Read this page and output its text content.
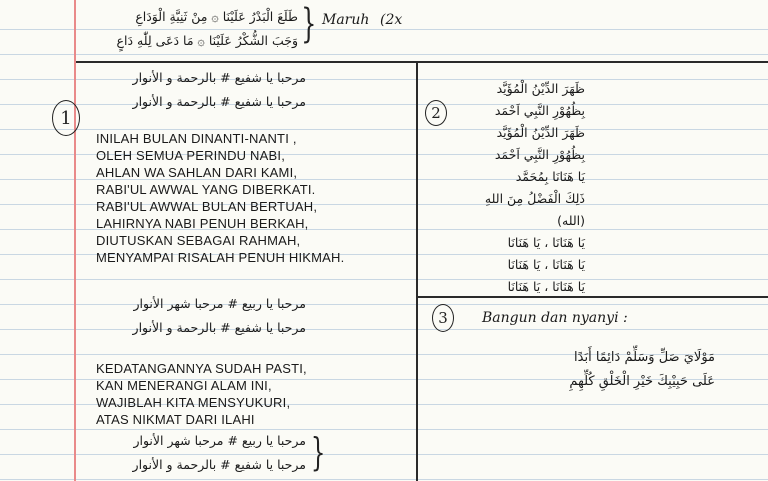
طَلَعَ الْبَدْرُ عَلَيْنَا ۞ مِنْ ثَنِيَّةِ الْوَدَاعِ
وَجَبَ الشُّكْرُ عَلَيْنَا ۞ مَا دَعَى لِلّٰهِ دَاعٍ } Maruh (2x
1
مرحبا يا شفيع # بالرحمة و الأنوار
مرحبا يا شفيع # بالرحمة و الأنوار
INILAH BULAN DINANTI-NANTI ,
OLEH SEMUA PERINDU NABI,
AHLAN WA SAHLAN DARI KAMI,
RABI'UL AWWAL YANG DIBERKATI.
RABI'UL AWWAL BULAN BERTUAH,
LAHIRNYA NABI PENUH BERKAH,
DIUTUSKAN SEBAGAI RAHMAH,
MENYAMPAI RISALAH PENUH HIKMAH.
مرحبا يا ربيع # مرحبا شهر الأنوار
مرحبا يا شفيع # بالرحمة و الأنوار
KEDATANGANNYA SUDAH PASTI,
KAN MENERANGI ALAM INI,
WAJIBLAH KITA MENSYUKURI,
ATAS NIKMAT DARI ILAHI
مرحبا يا ربيع # مرحبا شهر الأنوار
مرحبا يا شفيع # بالرحمة و الأنوار }
2
ظَهَرَ الدِّيْنُ الْمُؤَيَّد
بِظُهُوْرِ النَّبِي اَحْمَد
ظَهَرَ الدِّيْنُ الْمُؤَيَّد
بِظُهُوْرِ النَّبِي اَحْمَد
يَا هَنَانَا بِمُحَمَّد
ذَلِكَ الْفَضْلُ مِنَ اللهِ (الله)
يَا هَنَانَا ، يَا هَنَانَا
يَا هَنَانَا ، يَا هَنَانَا
يَا هَنَانَا ، يَا هَنَانَا
3 Bangun dan nyanyi :
مَوْلَايَ صَلِّ وَسَلِّمْ دَائِمًا أَبَدًا
عَلَى حَبِيْبِكَ خَيْرِ الْخَلْقِ كُلِّهِمِ
